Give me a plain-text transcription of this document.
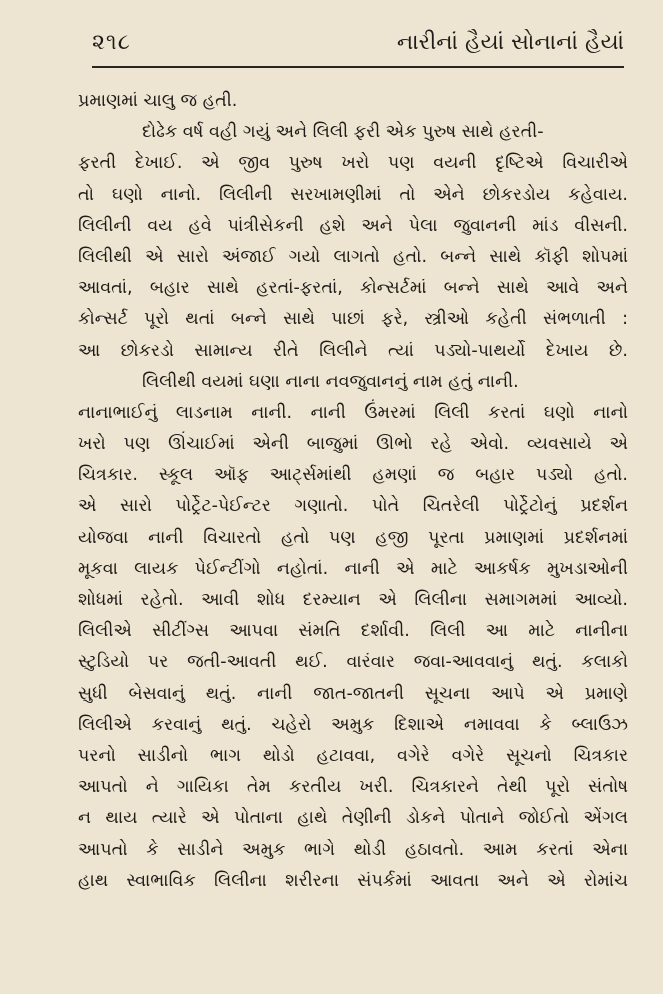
૨૧૮	નારીનાં હૈયાં સોનાનાં હૈયાં
પ્રમાણમાં ચાલુ જ હતી.
દોઢેક વર્ષ વહી ગયું અને લિલી ફરી એક પુરુષ સાથે હરતી-
ફરતી દેખાઈ. એ જીવ પુરુષ ખરો પણ વયની દૃષ્ટિએ વિચારીએ
તો ઘણો નાનો. લિલીની સરખામણીમાં તો એને છોકરડોય કહેવાય.
લિલીની વય હવે પાંત્રીસેકની હશે અને પેલા જુવાનની માંડ વીસની.
લિલીથી એ સારો અંજાઈ ગયો લાગતો હતો. બન્ને સાથે કૉફી શોપમાં
આવતાં, બહાર સાથે હરતાં-ફરતાં, કોન્સર્ટમાં બન્ને સાથે આવે અને
કોન્સર્ટ પૂરો થતાં બન્ને સાથે પાછાં ફરે, સ્ત્રીઓ કહેતી સંભળાતી :
આ છોકરડો સામાન્ય રીતે લિલીને ત્યાં પડ્યો-પાથર્યો દેખાય છે.
લિલીથી વયમાં ઘણા નાના નવજુવાનનું નામ હતું નાની.
નાનાભાઈનું લાડનામ નાની. નાની ઉંમરમાં લિલી કરતાં ઘણો નાનો
ખરો પણ ઊંચાઈમાં એની બાજુમાં ઊભો રહે એવો. વ્યવસાયે એ
ચિત્રકાર. સ્કૂલ ઑફ આર્ટ્સમાંથી હમણાં જ બહાર પડ્યો હતો.
એ સારો પોર્ટ્રેટ-પેઈન્ટર ગણાતો. પોતે ચિતરેલી પોર્ટ્રેટોનું પ્રદર્શન
યોજવા નાની વિચારતો હતો પણ હજી પૂરતા પ્રમાણમાં પ્રદર્શનમાં
મૂકવા લાયક પેઈન્ટીંગો નહોતાં. નાની એ માટે આકર્ષક મુખડાઓની
શોધમાં રહેતો. આવી શોધ દરમ્યાન એ લિલીના સમાગમમાં આવ્યો.
લિલીએ સીટીંગ્સ આપવા સંમતિ દર્શાવી. લિલી આ માટે નાનીના
સ્ટુડિયો પર જતી-આવતી થઈ. વારંવાર જવા-આવવાનું થતું. કલાકો
સુધી બેસવાનું થતું. નાની જાત-જાતની સૂચના આપે એ પ્રમાણે
લિલીએ કરવાનું થતું. ચહેરો અમુક દિશાએ નમાવવા કે બ્લાઉઝ
પરનો સાડીનો ભાગ થોડો હટાવવા, વગેરે વગેરે સૂચનો ચિત્રકાર
આપતો ને ગાયિકા તેમ કરતીય ખરી. ચિત્રકારને તેથી પૂરો સંતોષ
ન થાય ત્યારે એ પોતાના હાથે તેણીની ડોકને પોતાને જોઈતો એંગલ
આપતો કે સાડીને અમુક ભાગે થોડી હઠાવતો. આમ કરતાં એના
હાથ સ્વાભાવિક લિલીના શરીરના સંપર્કમાં આવતા અને એ રોમાંચ
